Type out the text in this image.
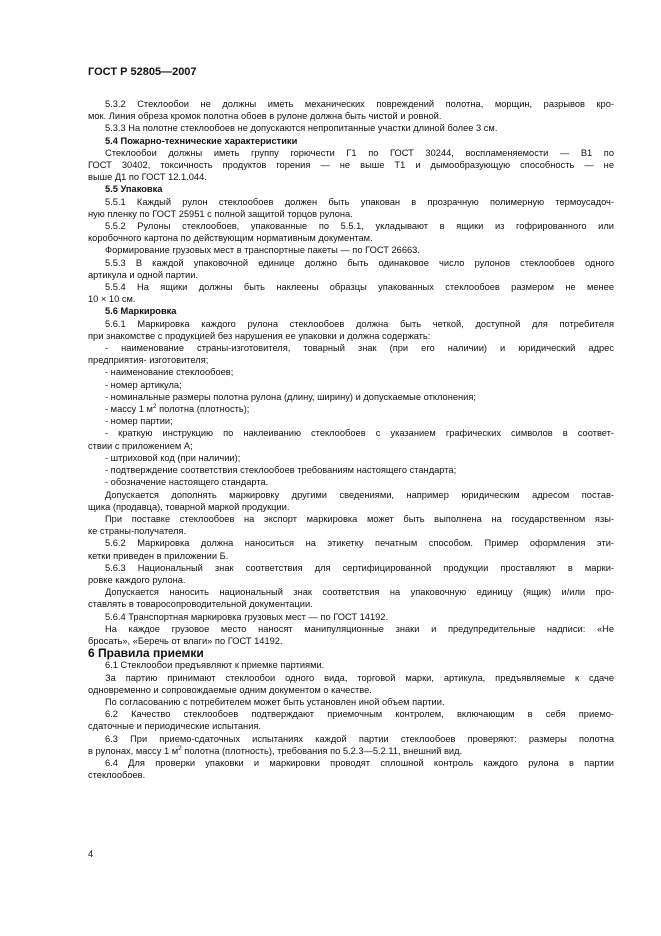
ГОСТ Р 52805—2007

5.3.2 Стеклообои не должны иметь механических повреждений полотна, морщин, разрывов кро-

мок. Линия обреза кромок полотна обоев в рулоне должна быть чистой и ровной.

5.3.3 На полотне стеклообоев не допускаются непропитанные участки длиной более 3 см.

5.4 Пожарно-технические характеристики

Стеклообои должны иметь группу горючести Г1 по ГОСТ 30244, воспламеняемости — В1 по

ГОСТ 30402, токсичность продуктов горения — не выше Т1 и дымообразующую способность — не

выше Д1 по ГОСТ 12.1.044.

5.5 Упаковка

5.5.1 Каждый рулон стеклообоев должен быть упакован в прозрачную полимерную термоусадоч-

ную пленку по ГОСТ 25951 с полной защитой торцов рулона.

5.5.2 Рулоны стеклообоев, упакованные по 5.5.1, укладывают в ящики из гофрированного или

коробочного картона по действующим нормативным документам.

Формирование грузовых мест в транспортные пакеты — по ГОСТ 26663.

5.5.3 В каждой упаковочной единице должно быть одинаковое число рулонов стеклообоев одного

артикула и одной партии.

5.5.4 На ящики должны быть наклеены образцы упакованных стеклообоев размером не менее

10 × 10 см.

5.6 Маркировка

5.6.1 Маркировка каждого рулона стеклообоев должна быть четкой, доступной для потребителя

при знакомстве с продукцией без нарушения ее упаковки и должна содержать:

- наименование страны-изготовителя, товарный знак (при его наличии) и юридический адрес

предприятия- изготовителя;

- наименование стеклообоев;

- номер артикула;

- номинальные размеры полотна рулона (длину, ширину) и допускаемые отклонения;

- массу 1 $м^2$ полотна (плотность);

- номер партии;

- краткую инструкцию по наклеиванию стеклообоев с указанием графических символов в соответ-

ствии с приложением А;

- штриховой код (при наличии);

- подтверждение соответствия стеклообоев требованиям настоящего стандарта;

- обозначение настоящего стандарта.

Допускается дополнять маркировку другими сведениями, например юридическим адресом постав-

щика (продавца), товарной маркой продукции.

При поставке стеклообоев на экспорт маркировка может быть выполнена на государственном язы-

ке страны-получателя.

5.6.2 Маркировка должна наноситься на этикетку печатным способом. Пример оформления эти-

кетки приведен в приложении Б.

5.6.3 Национальный знак соответствия для сертифицированной продукции проставляют в марки-

ровке каждого рулона.

Допускается наносить национальный знак соответствия на упаковочную единицу (ящик) и/или про-

ставлять в товаросопроводительной документации.

5.6.4 Транспортная маркировка грузовых мест — по ГОСТ 14192.

На каждое грузовое место наносят манипуляционные знаки и предупредительные надписи: «Не

бросать», «Беречь от влаги» по ГОСТ 14192.

6 Правила приемки

6.1 Стеклообои предъявляют к приемке партиями.

За партию принимают стеклообои одного вида, торговой марки, артикула, предъявляемые к сдаче

одновременно и сопровождаемые одним документом о качестве.

По согласованию с потребителем может быть установлен иной объем партии.

6.2 Качество стеклообоев подтверждают приемочным контролем, включающим в себя приемо-

сдаточные и периодические испытания.

6.3 При приемо-сдаточных испытаниях каждой партии стеклообоев проверяют: размеры полотна

в рулонах, массу 1 $м^2$ полотна (плотность), требования по 5.2.3—5.2.11, внешний вид.

6.4 Для проверки упаковки и маркировки проводят сплошной контроль каждого рулона в партии

стеклообоев.

4
